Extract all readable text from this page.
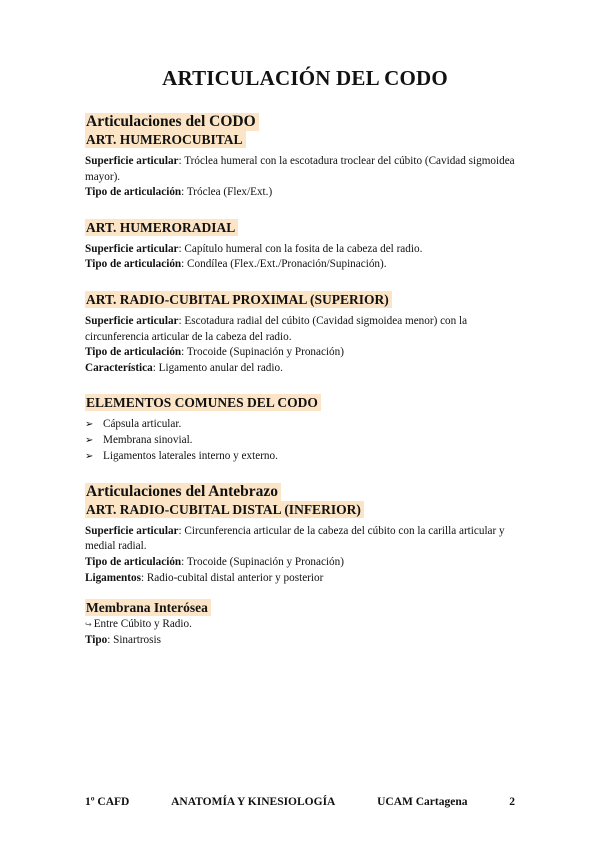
ARTICULACIÓN DEL CODO
Articulaciones del CODO
ART. HUMEROCUBITAL

Superficie articular: Tróclea humeral con la escotadura troclear del cúbito (Cavidad sigmoidea mayor).

Tipo de articulación: Tróclea (Flex/Ext.)

ART. HUMERORADIAL

Superficie articular: Capítulo humeral con la fosita de la cabeza del radio.

Tipo de articulación: Condílea (Flex./Ext./Pronación/Supinación).

ART. RADIO-CUBITAL PROXIMAL (SUPERIOR)

Superficie articular: Escotadura radial del cúbito (Cavidad sigmoidea menor) con la circunferencia articular de la cabeza del radio.

Tipo de articulación: Trocoide (Supinación y Pronación)

Característica: Ligamento anular del radio.

ELEMENTOS COMUNES DEL CODO
➢ Cápsula articular.
➢ Membrana sinovial.
➢ Ligamentos laterales interno y externo.
Articulaciones del Antebrazo
ART. RADIO-CUBITAL DISTAL (INFERIOR)

Superficie articular: Circunferencia articular de la cabeza del cúbito con la carilla articular y medial radial.

Tipo de articulación: Trocoide (Supinación y Pronación)

Ligamentos: Radio-cubital distal anterior y posterior

Membrana Interósea

↪ Entre Cúbito y Radio.

Tipo: Sinartrosis

1º CAFD	ANATOMÍA Y KINESIOLOGÍA	UCAM Cartagena	2
